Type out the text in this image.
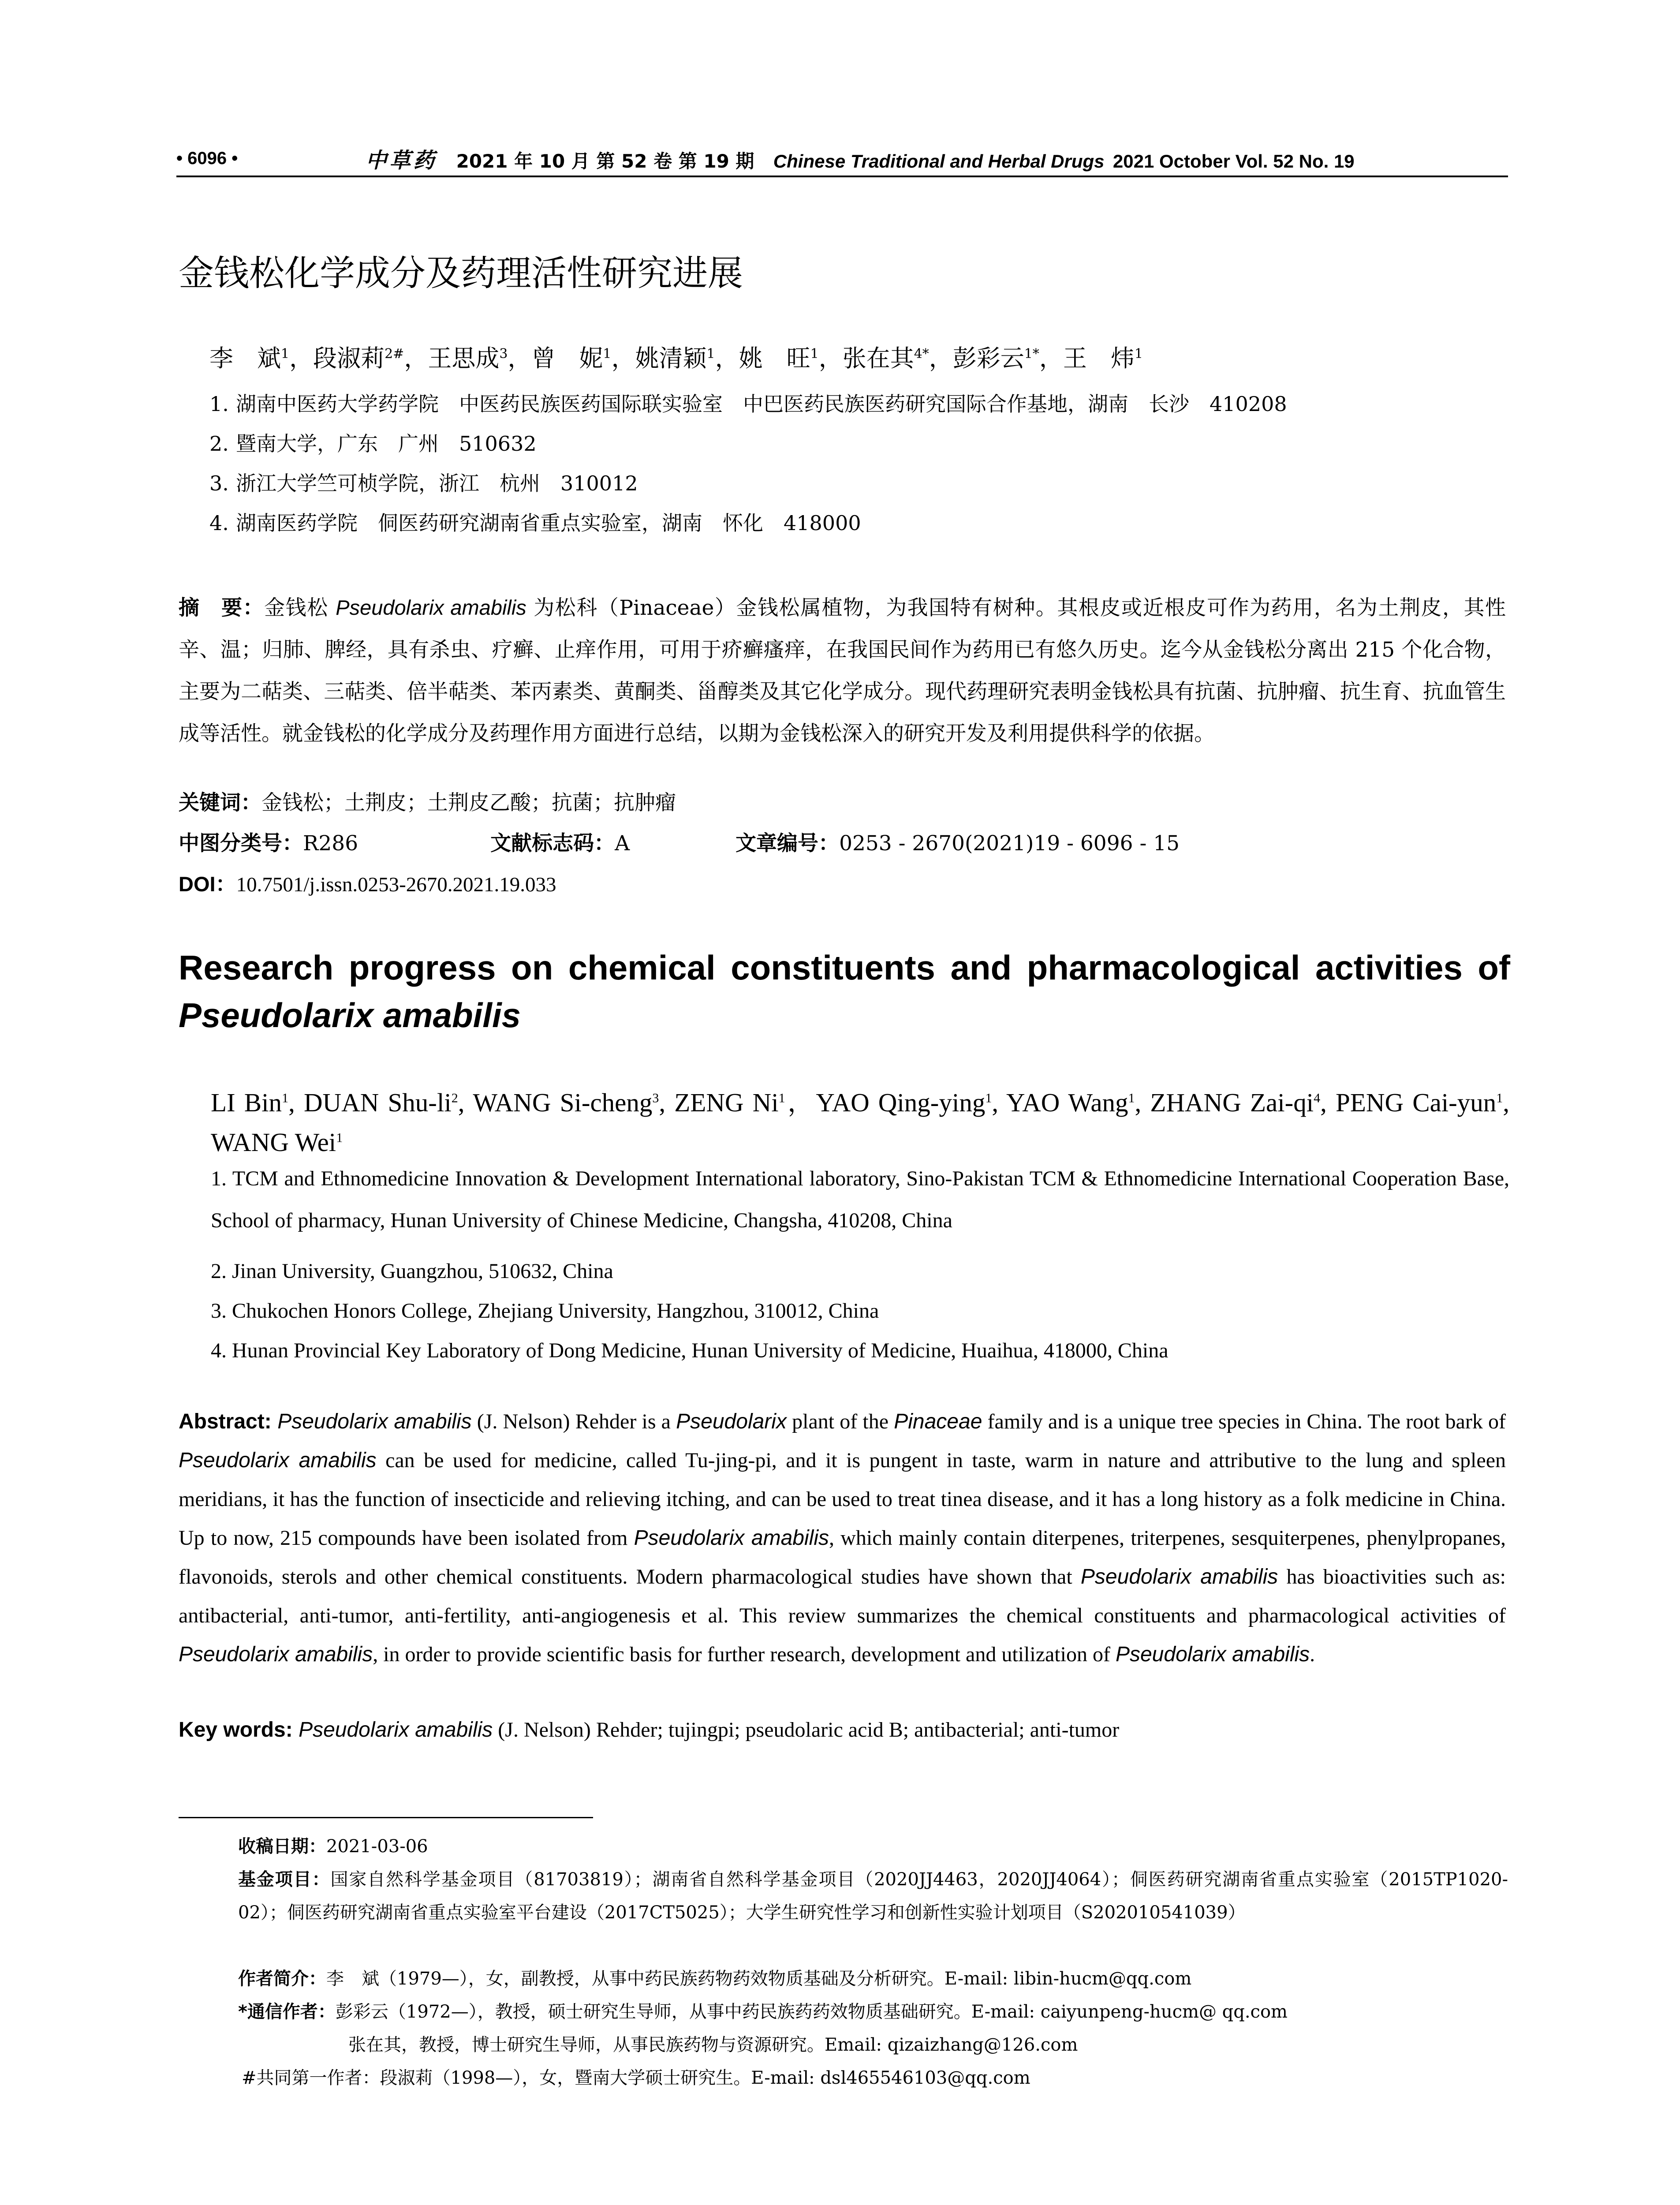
• 6096 •	中草药 2021 年 10 月 第 52 卷 第 19 期 Chinese Traditional and Herbal Drugs 2021 October Vol. 52 No. 19
金钱松化学成分及药理活性研究进展
李　斌$^1$，段淑莉$^{2\#}$，王思成$^3$，曾　妮$^1$，姚清颖$^1$，姚　旺$^1$，张在其$^{4*}$，彭彩云$^{1*}$，王　炜$^1$
1. 湖南中医药大学药学院　中医药民族医药国际联实验室　中巴医药民族医药研究国际合作基地，湖南　长沙　410208
2. 暨南大学，广东　广州　510632
3. 浙江大学竺可桢学院，浙江　杭州　310012
4. 湖南医药学院　侗医药研究湖南省重点实验室，湖南　怀化　418000
摘　要：金钱松 Pseudolarix amabilis 为松科（Pinaceae）金钱松属植物，为我国特有树种。其根皮或近根皮可作为药用，名为土荆皮，其性辛、温；归肺、脾经，具有杀虫、疗癣、止痒作用，可用于疥癣瘙痒，在我国民间作为药用已有悠久历史。迄今从金钱松分离出 215 个化合物，主要为二萜类、三萜类、倍半萜类、苯丙素类、黄酮类、甾醇类及其它化学成分。现代药理研究表明金钱松具有抗菌、抗肿瘤、抗生育、抗血管生成等活性。就金钱松的化学成分及药理作用方面进行总结，以期为金钱松深入的研究开发及利用提供科学的依据。
关键词：金钱松；土荆皮；土荆皮乙酸；抗菌；抗肿瘤
中图分类号：R286	文献标志码：A	文章编号：0253 - 2670(2021)19 - 6096 - 15
DOI：10.7501/j.issn.0253-2670.2021.19.033
Research progress on chemical constituents and pharmacological activities of
Pseudolarix amabilis
LI Bin$^1$, DUAN Shu-$li^2$, WANG Si-cheng$^3$, ZENG Ni$^1$，YAO Qing-ying$^1$, YAO Wang$^1$, ZHANG Zai-$qi^4$, PENG Cai-yun$^1$, WANG Wei$^1$
1. TCM and Ethnomedicine Innovation & Development International laboratory, Sino-Pakistan TCM & Ethnomedicine International Cooperation Base, School of pharmacy, Hunan University of Chinese Medicine, Changsha, 410208, China
2. Jinan University, Guangzhou, 510632, China
3. Chukochen Honors College, Zhejiang University, Hangzhou, 310012, China
4. Hunan Provincial Key Laboratory of Dong Medicine, Hunan University of Medicine, Huaihua, 418000, China
Abstract: Pseudolarix amabilis (J. Nelson) Rehder is a Pseudolarix plant of the Pinaceae family and is a unique tree species in China. The root bark of Pseudolarix amabilis can be used for medicine, called Tu-jing-pi, and it is pungent in taste, warm in nature and attributive to the lung and spleen meridians, it has the function of insecticide and relieving itching, and can be used to treat tinea disease, and it has a long history as a folk medicine in China. Up to now, 215 compounds have been isolated from Pseudolarix amabilis, which mainly contain diterpenes, triterpenes, sesquiterpenes, phenylpropanes, flavonoids, sterols and other chemical constituents. Modern pharmacological studies have shown that Pseudolarix amabilis has bioactivities such as: antibacterial, anti-tumor, anti-fertility, anti-angiogenesis et al. This review summarizes the chemical constituents and pharmacological activities of Pseudolarix amabilis, in order to provide scientific basis for further research, development and utilization of Pseudolarix amabilis.
Key words: Pseudolarix amabilis (J. Nelson) Rehder; tujingpi; pseudolaric acid B; antibacterial; anti-tumor
收稿日期：2021-03-06
基金项目：国家自然科学基金项目（81703819）；湖南省自然科学基金项目（2020JJ4463，2020JJ4064）；侗医药研究湖南省重点实验室（2015TP1020-02）；侗医药研究湖南省重点实验室平台建设（2017CT5025）；大学生研究性学习和创新性实验计划项目（S202010541039）
作者简介：李　斌（1979—），女，副教授，从事中药民族药物药效物质基础及分析研究。E-mail: libin-hucm@qq.com
*通信作者：彭彩云（1972—），教授，硕士研究生导师，从事中药民族药药效物质基础研究。E-mail: caiyunpeng-hucm@ qq.com
张在其，教授，博士研究生导师，从事民族药物与资源研究。Email: qizaizhang@126.com
#共同第一作者：段淑莉（1998—），女，暨南大学硕士研究生。E-mail: dsl465546103@qq.com
